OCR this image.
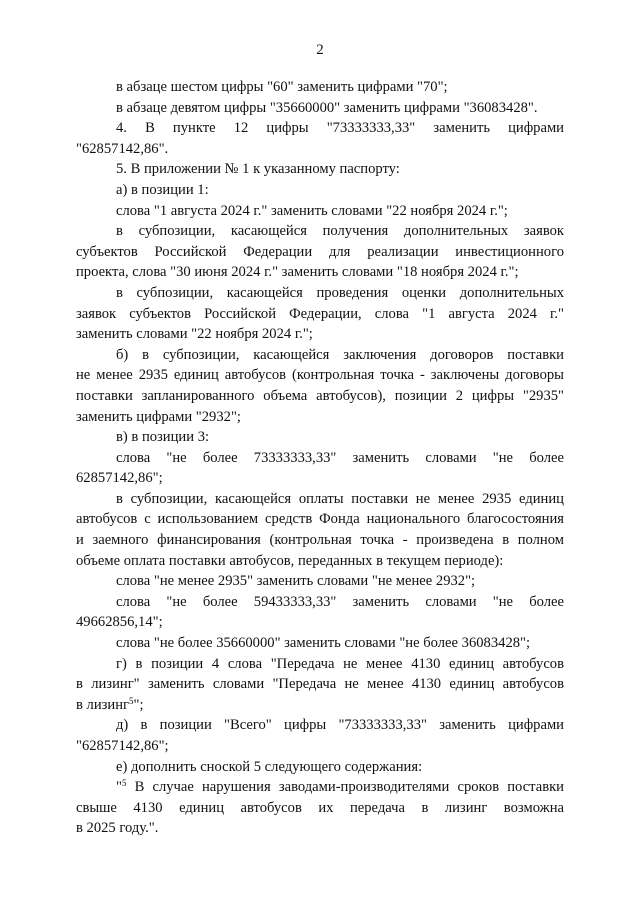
2
в абзаце шестом цифры "60" заменить цифрами "70";
в абзаце девятом цифры "35660000" заменить цифрами "36083428".
4. В пункте 12 цифры "73333333,33" заменить цифрами
"62857142,86".
5. В приложении № 1 к указанному паспорту:
а) в позиции 1:
слова "1 августа 2024 г." заменить словами "22 ноября 2024 г.";
в субпозиции, касающейся получения дополнительных заявок
субъектов Российской Федерации для реализации инвестиционного
проекта, слова "30 июня 2024 г." заменить словами "18 ноября 2024 г.";
в субпозиции, касающейся проведения оценки дополнительных
заявок субъектов Российской Федерации, слова "1 августа 2024 г."
заменить словами "22 ноября 2024 г.";
б) в субпозиции, касающейся заключения договоров поставки
не менее 2935 единиц автобусов (контрольная точка - заключены договоры
поставки запланированного объема автобусов), позиции 2 цифры "2935"
заменить цифрами "2932";
в) в позиции 3:
слова "не более 73333333,33" заменить словами "не более
62857142,86";
в субпозиции, касающейся оплаты поставки не менее 2935 единиц
автобусов с использованием средств Фонда национального благосостояния
и заемного финансирования (контрольная точка - произведена в полном
объеме оплата поставки автобусов, переданных в текущем периоде):
слова "не менее 2935" заменить словами "не менее 2932";
слова "не более 59433333,33" заменить словами "не более
49662856,14";
слова "не более 35660000" заменить словами "не более 36083428";
г) в позиции 4 слова "Передача не менее 4130 единиц автобусов
в лизинг" заменить словами "Передача не менее 4130 единиц автобусов
в лизинг$^5$";
д) в позиции "Всего" цифры "73333333,33" заменить цифрами
"62857142,86";
е) дополнить сноской 5 следующего содержания:
"$^5$ В случае нарушения заводами-производителями сроков поставки
свыше 4130 единиц автобусов их передача в лизинг возможна
в 2025 году.".
